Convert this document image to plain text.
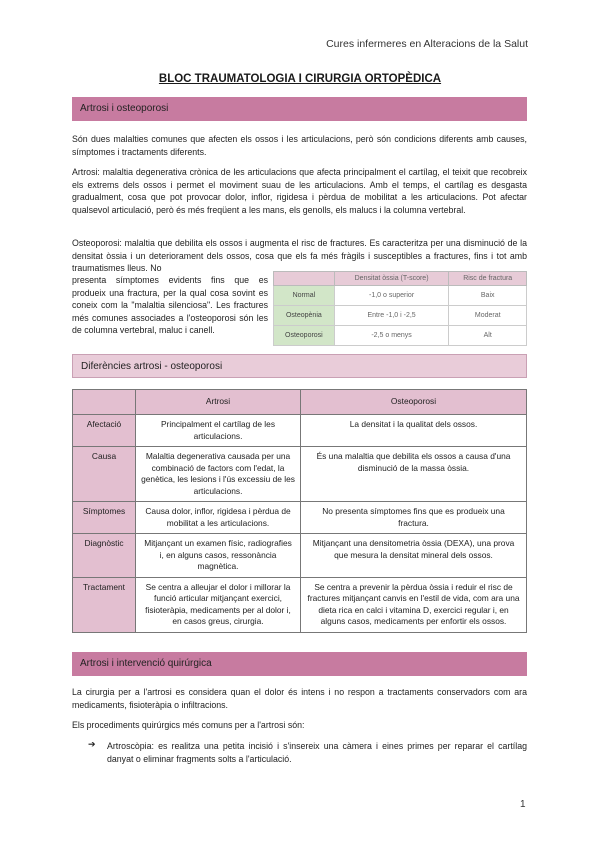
Cures infermeres en Alteracions de la Salut
BLOC TRAUMATOLOGIA I CIRURGIA ORTOPÈDICA
Artrosi i osteoporosi
Són dues malalties comunes que afecten els ossos i les articulacions, però són condicions diferents amb causes, símptomes i tractaments diferents.
Artrosi: malaltia degenerativa crònica de les articulacions que afecta principalment el cartílag, el teixit que recobreix els extrems dels ossos i permet el moviment suau de les articulacions. Amb el temps, el cartílag es desgasta gradualment, cosa que pot provocar dolor, inflor, rigidesa i pèrdua de mobilitat a les articulacions. Pot afectar qualsevol articulació, però és més freqüent a les mans, els genolls, els malucs i la columna vertebral.
Osteoporosi: malaltia que debilita els ossos i augmenta el risc de fractures. Es caracteritza per una disminució de la densitat òssia i un deteriorament dels ossos, cosa que els fa més fràgils i susceptibles a fractures, fins i tot amb traumatismes lleus. No
presenta símptomes evidents fins que es produeix una fractura, per la qual cosa sovint es coneix com la "malaltia silenciosa". Les fractures més comunes associades a l'osteoporosi són les de columna vertebral, maluc i canell.
	Densitat òssia (T-score)	Risc de fractura
Normal	-1,0 o superior	Baix
Osteopènia	Entre -1,0 i -2,5	Moderat
Osteoporosi	-2,5 o menys	Alt
Diferències artrosi - osteoporosi
	Artrosi	Osteoporosi
Afectació	Principalment el cartílag de les articulacions.	La densitat i la qualitat dels ossos.
Causa	Malaltia degenerativa causada per una combinació de factors com l'edat, la genètica, les lesions i l'ús excessiu de les articulacions.	És una malaltia que debilita els ossos a causa d'una disminució de la massa òssia.
Símptomes	Causa dolor, inflor, rigidesa i pèrdua de mobilitat a les articulacions.	No presenta símptomes fins que es produeix una fractura.
Diagnòstic	Mitjançant un examen físic, radiografies i, en alguns casos, ressonància magnètica.	Mitjançant una densitometria òssia (DEXA), una prova que mesura la densitat mineral dels ossos.
Tractament	Se centra a alleujar el dolor i millorar la funció articular mitjançant exercici, fisioteràpia, medicaments per al dolor i, en casos greus, cirurgia.	Se centra a prevenir la pèrdua òssia i reduir el risc de fractures mitjançant canvis en l'estil de vida, com ara una dieta rica en calci i vitamina D, exercici regular i, en alguns casos, medicaments per enfortir els ossos.
Artrosi i intervenció quirúrgica
La cirurgia per a l'artrosi es considera quan el dolor és intens i no respon a tractaments conservadors com ara medicaments, fisioteràpia o infiltracions.
Els procediments quirúrgics més comuns per a l'artrosi són:
➔ Artroscòpia: es realitza una petita incisió i s'insereix una càmera i eines primes per reparar el cartílag danyat o eliminar fragments solts a l'articulació.
1
